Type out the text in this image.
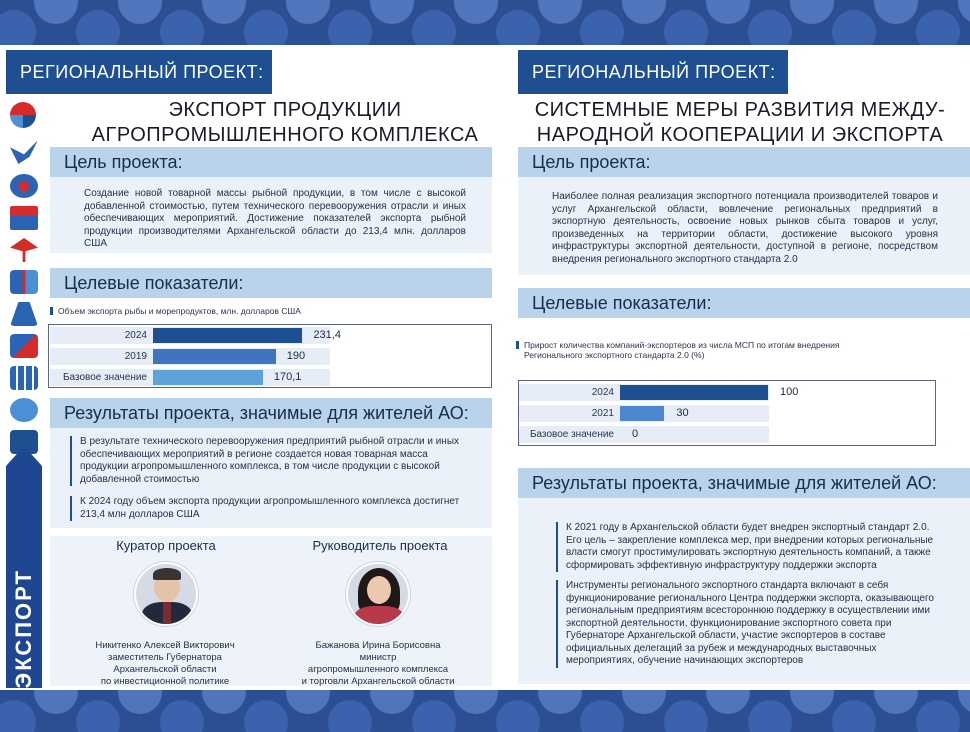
ЭКСПОРТ
РЕГИОНАЛЬНЫЙ ПРОЕКТ:
ЭКСПОРТ ПРОДУКЦИИ
АГРОПРОМЫШЛЕННОГО КОМПЛЕКСА
Цель проекта:

Создание новой товарной массы рыбной продукции, в том числе с высокой добавленной стоимостью, путем технического перевооружения отрасли и иных обеспечивающих мероприятий. Достижение показателей экспорта рыбной продукции производителями Архангельской области до 213,4 млн. долларов США

Целевые показатели:
Объем экспорта рыбы и морепродуктов, млн. долларов США
2024	231,4
2019	190
Базовое значение	170,1
Результаты проекта, значимые для жителей АО:
В результате технического перевооружения предприятий рыбной отрасли и иных обеспечивающих мероприятий в регионе создается новая товарная масса продукции агропромышленного комплекса, в том числе продукции с высокой добавленной стоимостью
К 2024 году объем экспорта продукции агропромышленного комплекса достигнет 213,4 млн долларов США
Куратор проекта	Руководитель проекта
Никитенко Алексей Викторович
заместитель Губернатора
Архангельской области
по инвестиционной политике
Бажанова Ирина Борисовна
министр
агропромышленного комплекса
и торговли Архангельской области
РЕГИОНАЛЬНЫЙ ПРОЕКТ:
СИСТЕМНЫЕ МЕРЫ РАЗВИТИЯ МЕЖДУ-
НАРОДНОЙ КООПЕРАЦИИ И ЭКСПОРТА
Цель проекта:

Наиболее полная реализация экспортного потенциала производителей товаров и услуг Архангельской области, вовлечение региональных предприятий в экспортную деятельность, освоение новых рынков сбыта товаров и услуг, произведенных на территории области, достижение высокого уровня инфраструктуры экспортной деятельности, доступной в регионе, посредством внедрения регионального экспортного стандарта 2.0

Целевые показатели:
Прирост количества компаний-экспортеров из числа МСП по итогам внедрения
Регионального экспортного стандарта 2.0 (%)
2024	100
2021	30
Базовое значение 0
Результаты проекта, значимые для жителей АО:
К 2021 году в Архангельской области будет внедрен экспортный стандарт 2.0. Его цель – закрепление комплекса мер, при внедрении которых региональные власти смогут простимулировать экспортную деятельность компаний, а также сформировать эффективную инфраструктуру поддержки экспорта
Инструменты регионального экспортного стандарта включают в себя функционирование регионального Центра поддержки экспорта, оказывающего региональным предприятиям всестороннюю поддержку в осуществлении ими экспортной деятельности, функционирование экспортного совета при Губернаторе Архангельской области, участие экспортеров в составе официальных делегаций за рубеж и международных выставочных мероприятиях, обучение начинающих экспортеров
